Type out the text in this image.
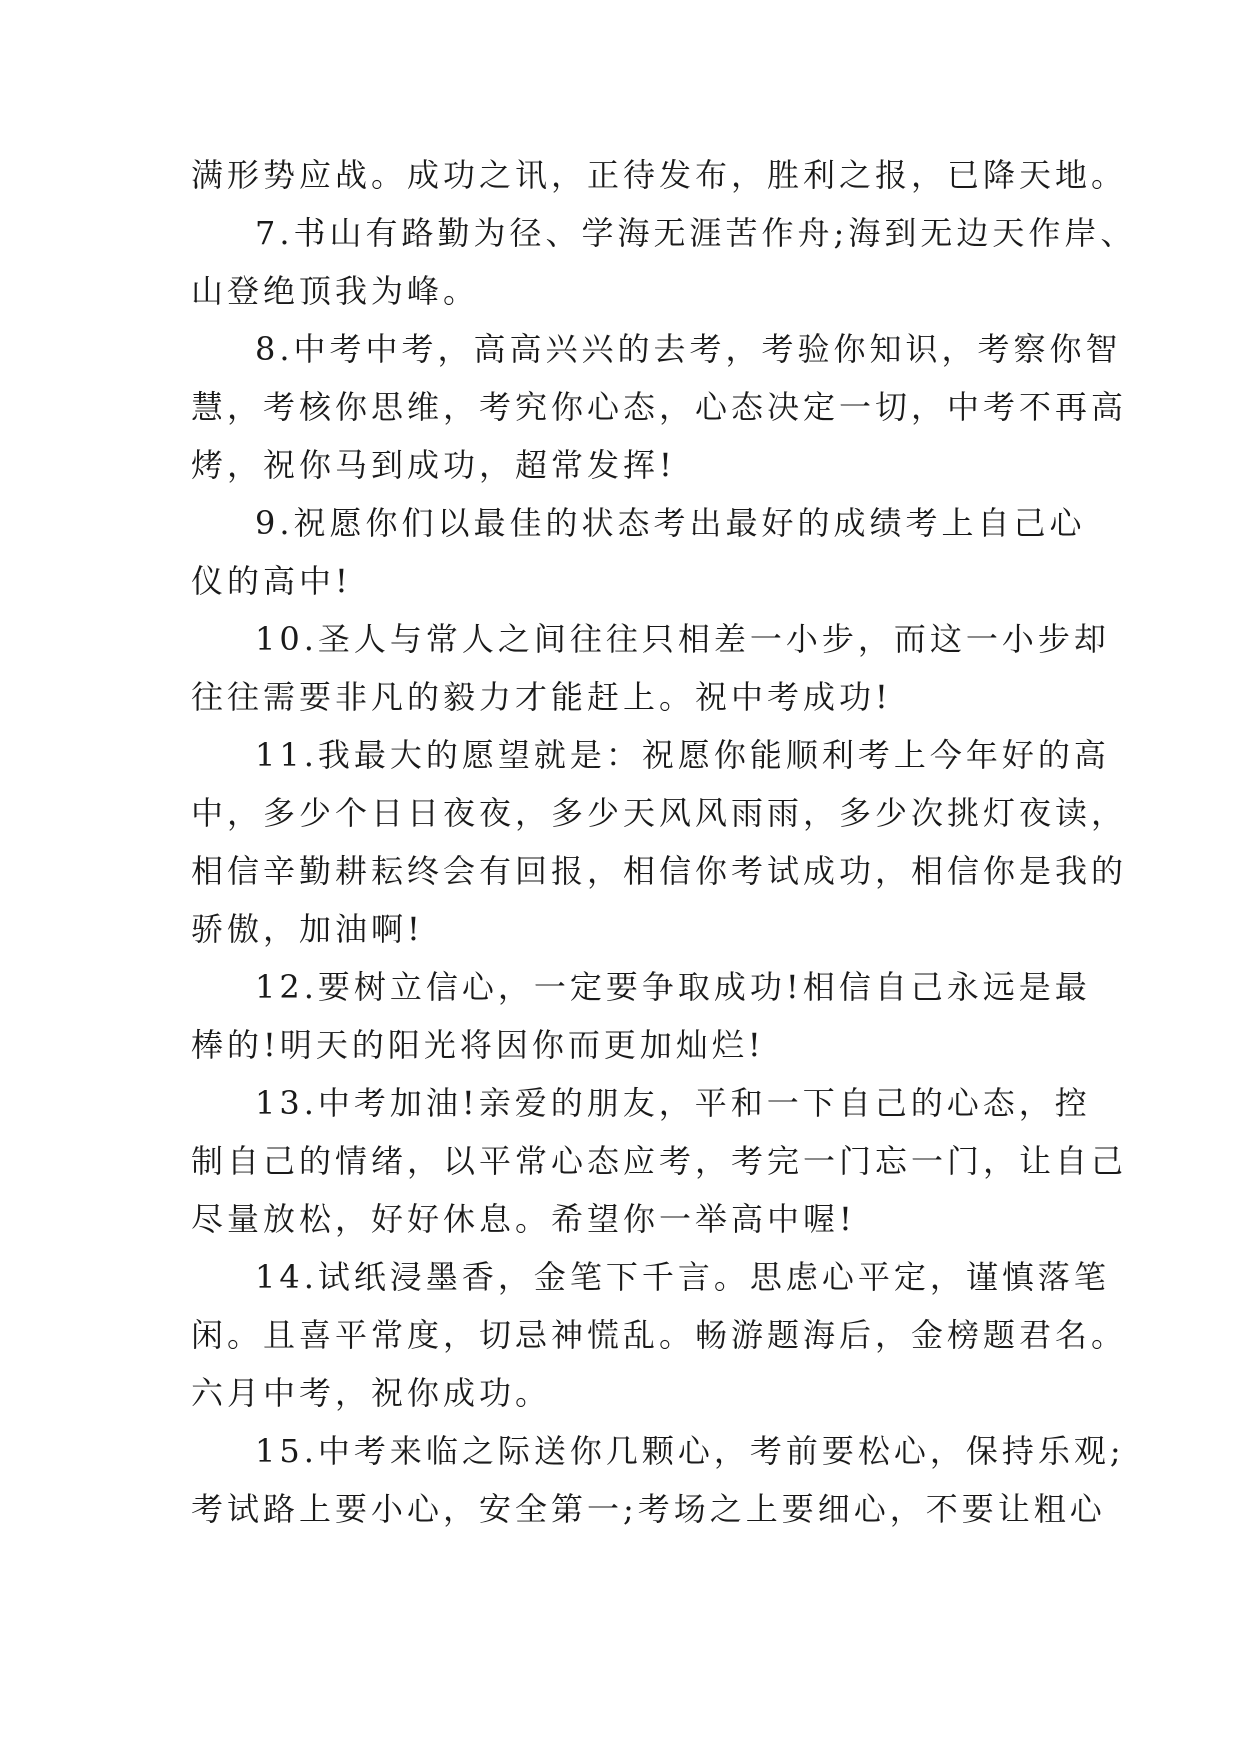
满形势应战。成功之讯，正待发布，胜利之报，已降天地。
7.书山有路勤为径、学海无涯苦作舟;海到无边天作岸、
山登绝顶我为峰。
8.中考中考，高高兴兴的去考，考验你知识，考察你智
慧，考核你思维，考究你心态，心态决定一切，中考不再高
烤，祝你马到成功，超常发挥!
9.祝愿你们以最佳的状态考出最好的成绩考上自己心
仪的高中!
10.圣人与常人之间往往只相差一小步，而这一小步却
往往需要非凡的毅力才能赶上。祝中考成功!
11.我最大的愿望就是：祝愿你能顺利考上今年好的高
中，多少个日日夜夜，多少天风风雨雨，多少次挑灯夜读，
相信辛勤耕耘终会有回报，相信你考试成功，相信你是我的
骄傲，加油啊!
12.要树立信心，一定要争取成功!相信自己永远是最
棒的!明天的阳光将因你而更加灿烂!
13.中考加油!亲爱的朋友，平和一下自己的心态，控
制自己的情绪，以平常心态应考，考完一门忘一门，让自己
尽量放松，好好休息。希望你一举高中喔!
14.试纸浸墨香，金笔下千言。思虑心平定，谨慎落笔
闲。且喜平常度，切忌神慌乱。畅游题海后，金榜题君名。
六月中考，祝你成功。
15.中考来临之际送你几颗心，考前要松心，保持乐观;
考试路上要小心，安全第一;考场之上要细心，不要让粗心
